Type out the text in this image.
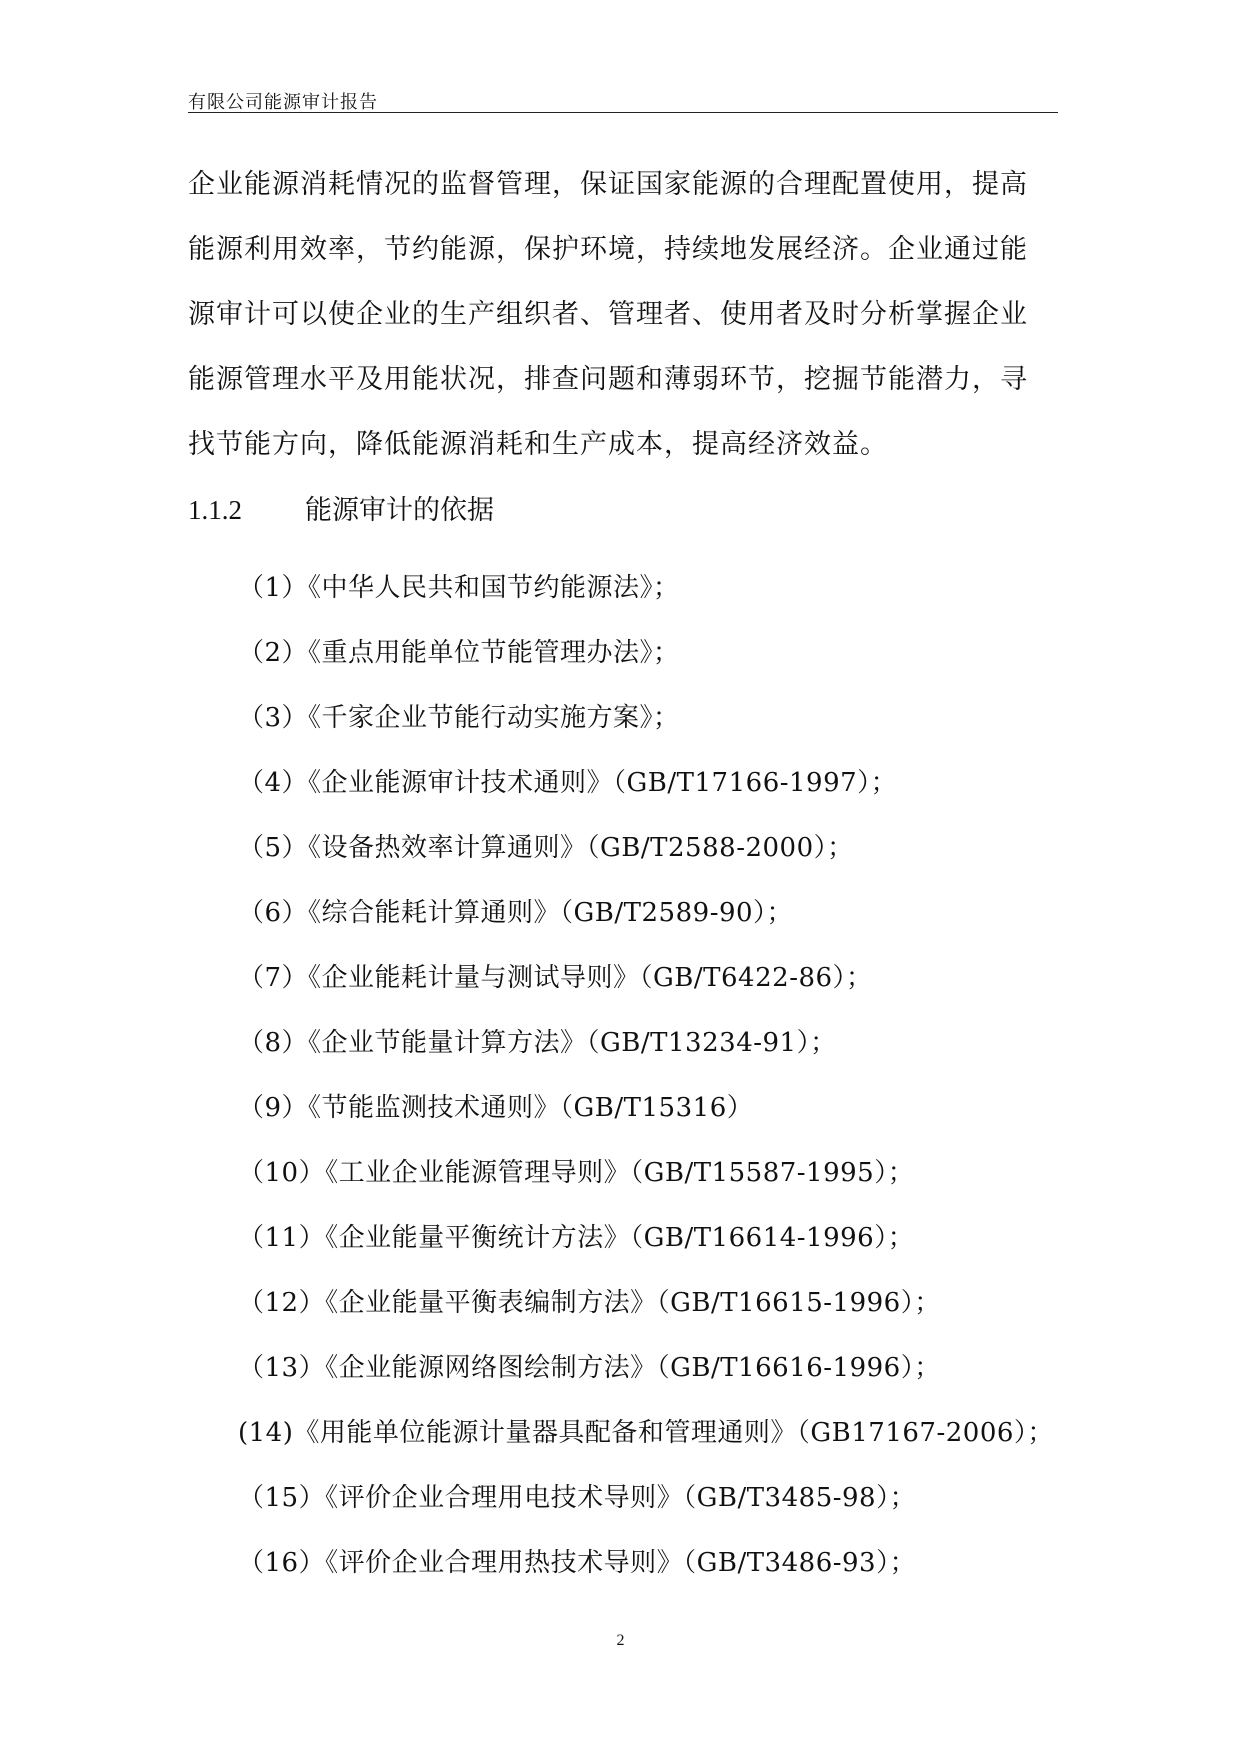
有限公司能源审计报告
企业能源消耗情况的监督管理，保证国家能源的合理配置使用，提高
能源利用效率，节约能源，保护环境，持续地发展经济。企业通过能
源审计可以使企业的生产组织者、管理者、使用者及时分析掌握企业
能源管理水平及用能状况，排查问题和薄弱环节，挖掘节能潜力，寻
找节能方向，降低能源消耗和生产成本，提高经济效益。
1.1.2 能源审计的依据
（1）《中华人民共和国节约能源法》；
（2）《重点用能单位节能管理办法》；
（3）《千家企业节能行动实施方案》；
（4）《企业能源审计技术通则》（GB/T17166-1997）；
（5）《设备热效率计算通则》（GB/T2588-2000）；
（6）《综合能耗计算通则》（GB/T2589-90）；
（7）《企业能耗计量与测试导则》（GB/T6422-86）；
（8）《企业节能量计算方法》（GB/T13234-91）；
（9）《节能监测技术通则》（GB/T15316）
（10）《工业企业能源管理导则》（GB/T15587-1995）；
（11）《企业能量平衡统计方法》（GB/T16614-1996）；
（12）《企业能量平衡表编制方法》（GB/T16615-1996）；
（13）《企业能源网络图绘制方法》（GB/T16616-1996）；
(14)《用能单位能源计量器具配备和管理通则》（GB17167-2006）；
（15）《评价企业合理用电技术导则》（GB/T3485-98）；
（16）《评价企业合理用热技术导则》（GB/T3486-93）；
2
